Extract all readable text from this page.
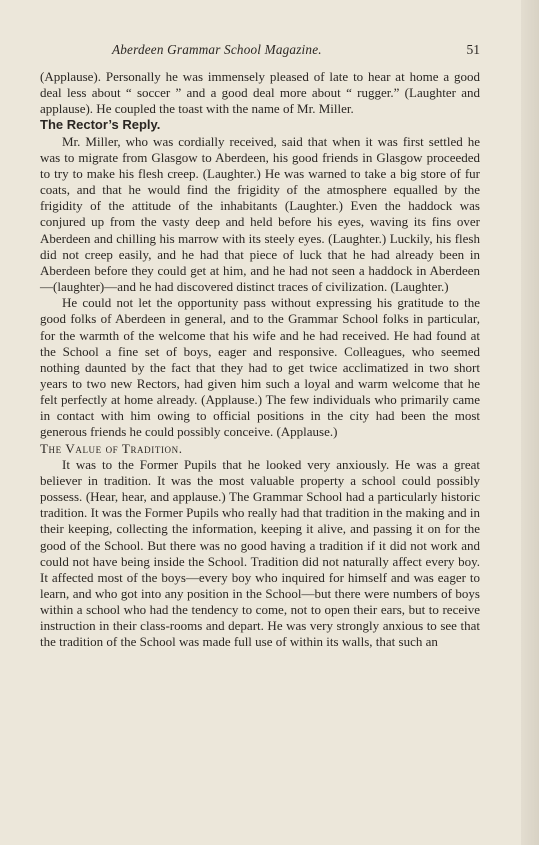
Aberdeen Grammar School Magazine.	51

(Applause). Personally he was immensely pleased of late to hear at home a good deal less about “ soccer ” and a good deal more about “ rugger.” (Laughter and applause). He coupled the toast with the name of Mr. Miller.

The Rector’s Reply.

Mr. Miller, who was cordially received, said that when it was first settled he was to migrate from Glasgow to Aberdeen, his good friends in Glasgow proceeded to try to make his flesh creep. (Laughter.) He was warned to take a big store of fur coats, and that he would find the frigidity of the atmosphere equalled by the frigidity of the attitude of the inhabitants (Laughter.) Even the haddock was conjured up from the vasty deep and held before his eyes, waving its fins over Aberdeen and chilling his marrow with its steely eyes. (Laughter.) Luckily, his flesh did not creep easily, and he had that piece of luck that he had already been in Aberdeen before they could get at him, and he had not seen a haddock in Aberdeen —(laughter)—and he had discovered distinct traces of civilization. (Laughter.)

He could not let the opportunity pass without expressing his gratitude to the good folks of Aberdeen in general, and to the Grammar School folks in particular, for the warmth of the welcome that his wife and he had received. He had found at the School a fine set of boys, eager and responsive. Colleagues, who seemed nothing daunted by the fact that they had to get twice acclimatized in two short years to two new Rectors, had given him such a loyal and warm welcome that he felt perfectly at home already. (Applause.) The few individuals who primarily came in contact with him owing to official positions in the city had been the most generous friends he could possibly conceive. (Applause.)

The Value of Tradition.

It was to the Former Pupils that he looked very anxiously. He was a great believer in tradition. It was the most valuable property a school could possibly possess. (Hear, hear, and applause.) The Grammar School had a particularly historic tradition. It was the Former Pupils who really had that tradition in the making and in their keeping, collecting the information, keeping it alive, and passing it on for the good of the School. But there was no good having a tradition if it did not work and could not have being inside the School. Tradition did not naturally affect every boy. It affected most of the boys—every boy who inquired for himself and was eager to learn, and who got into any position in the School—but there were numbers of boys within a school who had the tendency to come, not to open their ears, but to receive instruction in their class-rooms and depart. He was very strongly anxious to see that the tradition of the School was made full use of within its walls, that such an
